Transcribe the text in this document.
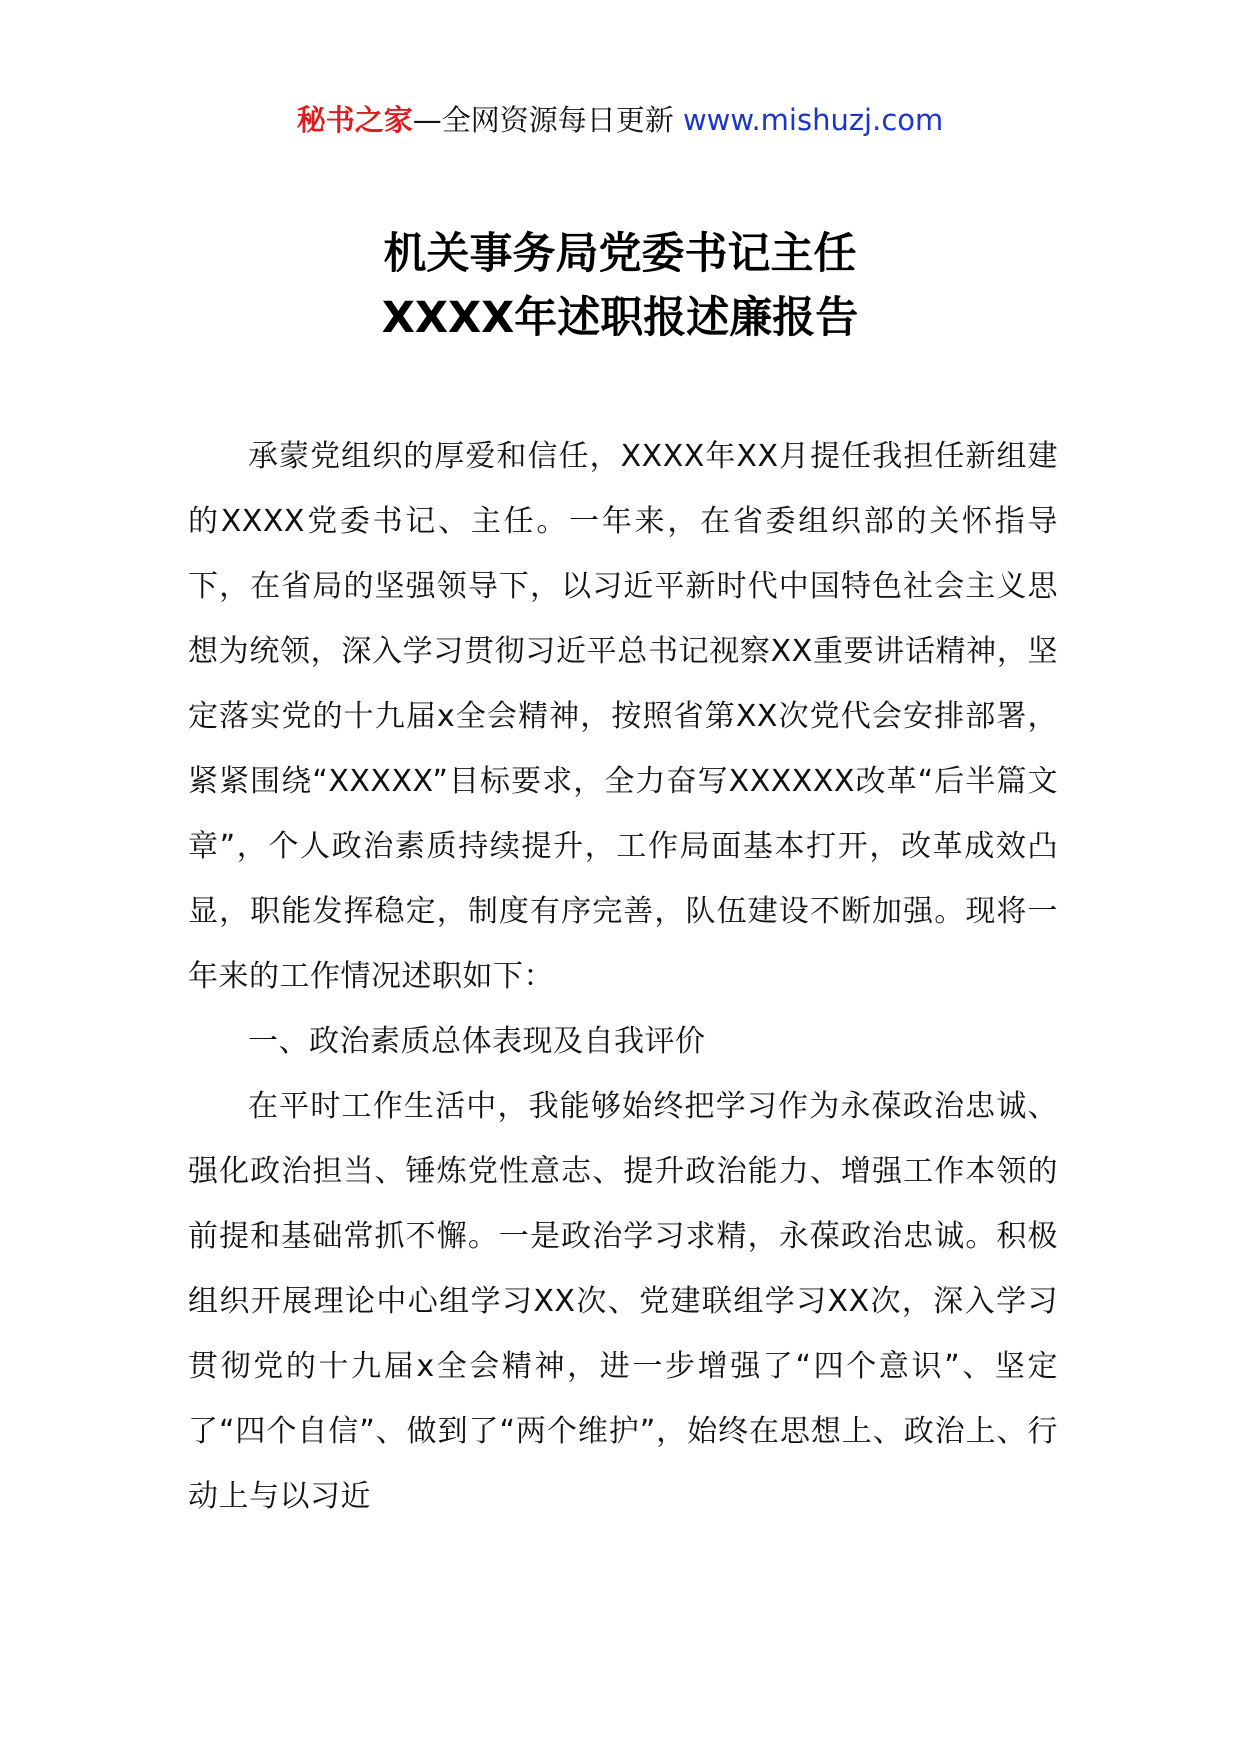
秘书之家—全网资源每日更新 www.mishuzj.com
机关事务局党委书记主任
XXXX年述职报述廉报告

承蒙党组织的厚爱和信任，XXXX年XX月提任我担任新组建的XXXX党委书记、主任。一年来，在省委组织部的关怀指导下，在省局的坚强领导下，以习近平新时代中国特色社会主义思想为统领，深入学习贯彻习近平总书记视察XX重要讲话精神，坚定落实党的十九届x全会精神，按照省第XX次党代会安排部署，紧紧围绕“XXXXX”目标要求，全力奋写XXXXXX改革“后半篇文章”，个人政治素质持续提升，工作局面基本打开，改革成效凸显，职能发挥稳定，制度有序完善，队伍建设不断加强。现将一年来的工作情况述职如下：

一、政治素质总体表现及自我评价

在平时工作生活中，我能够始终把学习作为永葆政治忠诚、强化政治担当、锤炼党性意志、提升政治能力、增强工作本领的前提和基础常抓不懈。一是政治学习求精，永葆政治忠诚。积极组织开展理论中心组学习XX次、党建联组学习XX次，深入学习贯彻党的十九届x全会精神，进一步增强了“四个意识”、坚定了“四个自信”、做到了“两个维护”，始终在思想上、政治上、行动上与以习近
